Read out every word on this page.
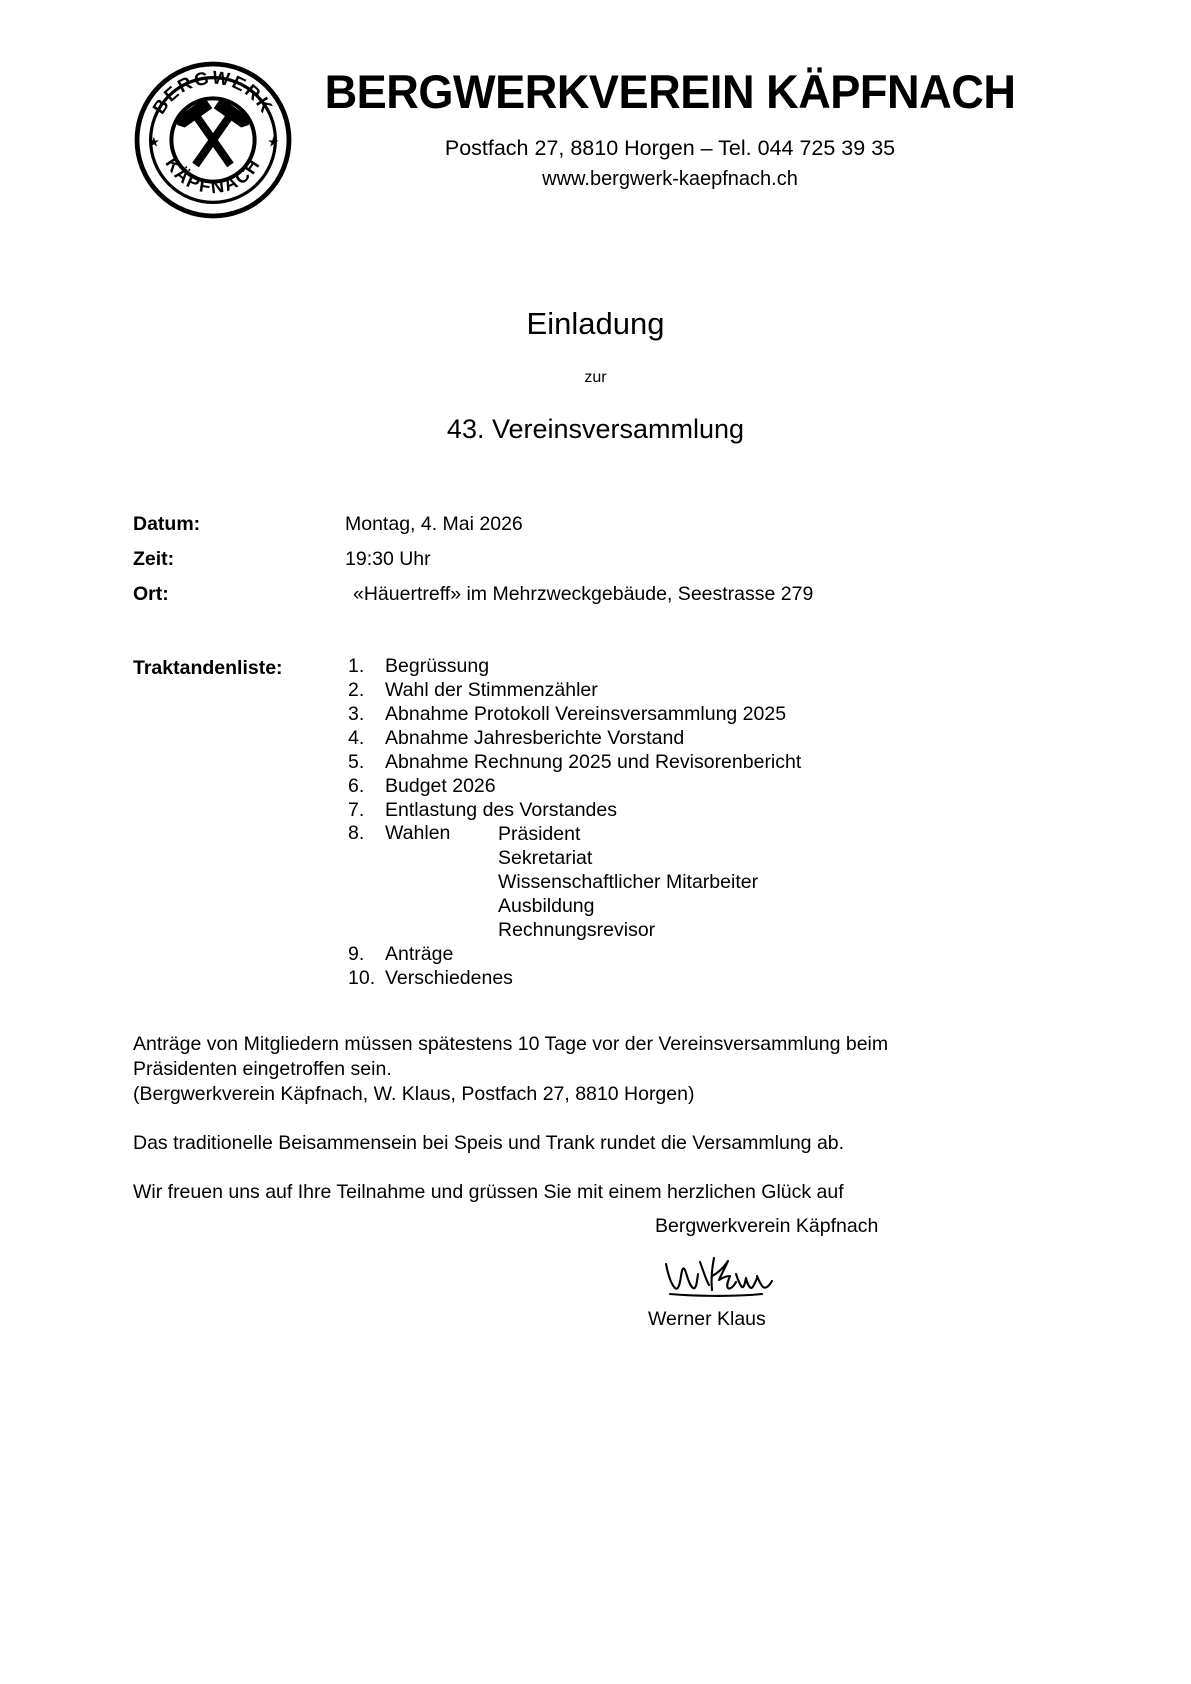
BERGWERK
KÄPFNACH
★	★
BERGWERKVEREIN KÄPFNACH
Postfach 27, 8810 Horgen – Tel. 044 725 39 35
www.bergwerk-kaepfnach.ch
Einladung
zur
43. Vereinsversammlung
Datum:	Montag, 4. Mai 2026
Zeit:	19:30 Uhr
Ort:	«Häuertreff» im Mehrzweckgebäude, Seestrasse 279
Traktandenliste:	1.	Begrüssung
2.	Wahl der Stimmenzähler
3.	Abnahme Protokoll Vereinsversammlung 2025
4.	Abnahme Jahresberichte Vorstand
5.	Abnahme Rechnung 2025 und Revisorenbericht
6.	Budget 2026
7.	Entlastung des Vorstandes
8.	Wahlen	Präsident
Sekretariat
Wissenschaftlicher Mitarbeiter
Ausbildung
Rechnungsrevisor
9.	Anträge
10. Verschiedenes
Anträge von Mitgliedern müssen spätestens 10 Tage vor der Vereinsversammlung beim
Präsidenten eingetroffen sein.
(Bergwerkverein Käpfnach, W. Klaus, Postfach 27, 8810 Horgen)
Das traditionelle Beisammensein bei Speis und Trank rundet die Versammlung ab.
Wir freuen uns auf Ihre Teilnahme und grüssen Sie mit einem herzlichen Glück auf
Bergwerkverein Käpfnach
Werner Klaus
